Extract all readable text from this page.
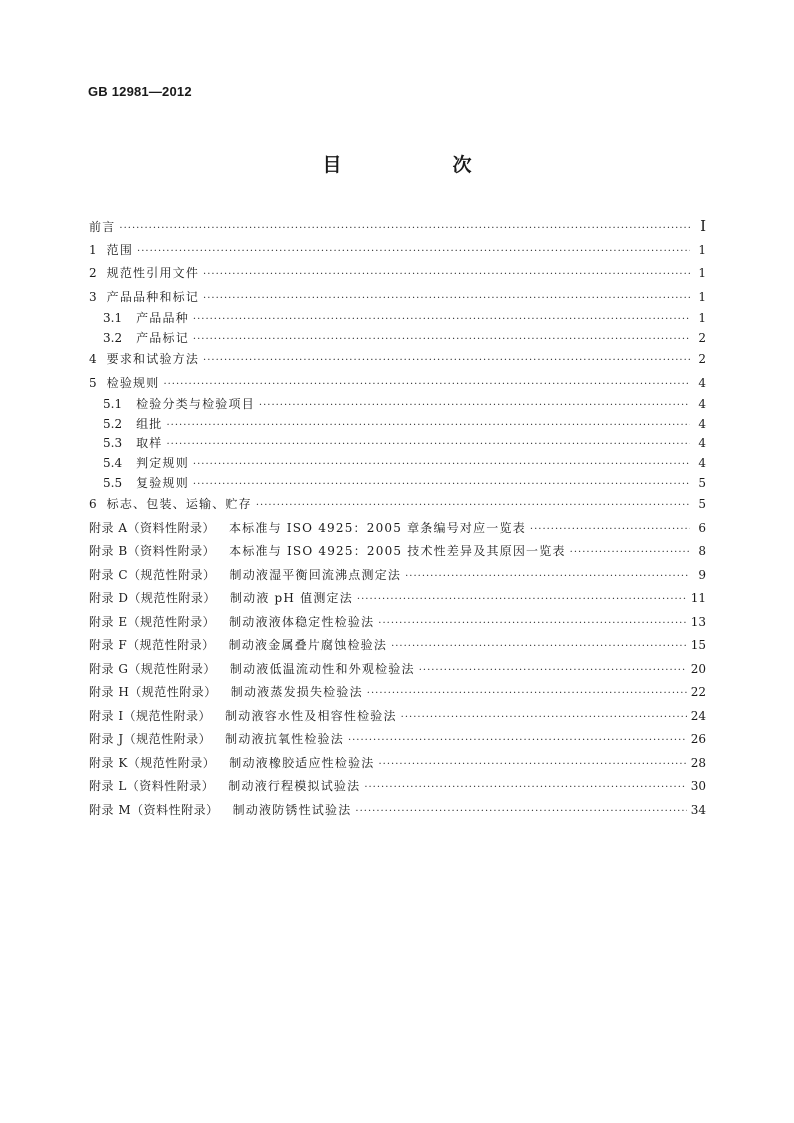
GB 12981—2012
目　次
前言 ·····	I
1 范围 ·····	1
2 规范性引用文件 ·····	1
3 产品品种和标记 ·····	1
3.1 产品品种 ·····	1
3.2 产品标记 ·····	2
4 要求和试验方法 ·····	2
5 检验规则 ·····	4
5.1 检验分类与检验项目 ·····	4
5.2 组批 ·····	4
5.3 取样 ·····	4
5.4 判定规则 ·····	4
5.5 复验规则 ·····	5
6 标志、包装、运输、贮存 ·····	5
附录 A（资料性附录） 本标准与 ISO 4925：2005 章条编号对应一览表 ·····	6
附录 B（资料性附录） 本标准与 ISO 4925：2005 技术性差异及其原因一览表 ·····	8
附录 C（规范性附录） 制动液湿平衡回流沸点测定法 ·····	9
附录 D（规范性附录） 制动液 pH 值测定法 ·····	11
附录 E（规范性附录） 制动液液体稳定性检验法 ·····	13
附录 F（规范性附录） 制动液金属叠片腐蚀检验法 ·····	15
附录 G（规范性附录） 制动液低温流动性和外观检验法 ·····	20
附录 H（规范性附录） 制动液蒸发损失检验法 ·····	22
附录 I（规范性附录） 制动液容水性及相容性检验法 ·····	24
附录 J（规范性附录） 制动液抗氧性检验法 ·····	26
附录 K（规范性附录） 制动液橡胶适应性检验法 ·····	28
附录 L（资料性附录） 制动液行程模拟试验法 ·····	30
附录 M（资料性附录） 制动液防锈性试验法 ·····	34
